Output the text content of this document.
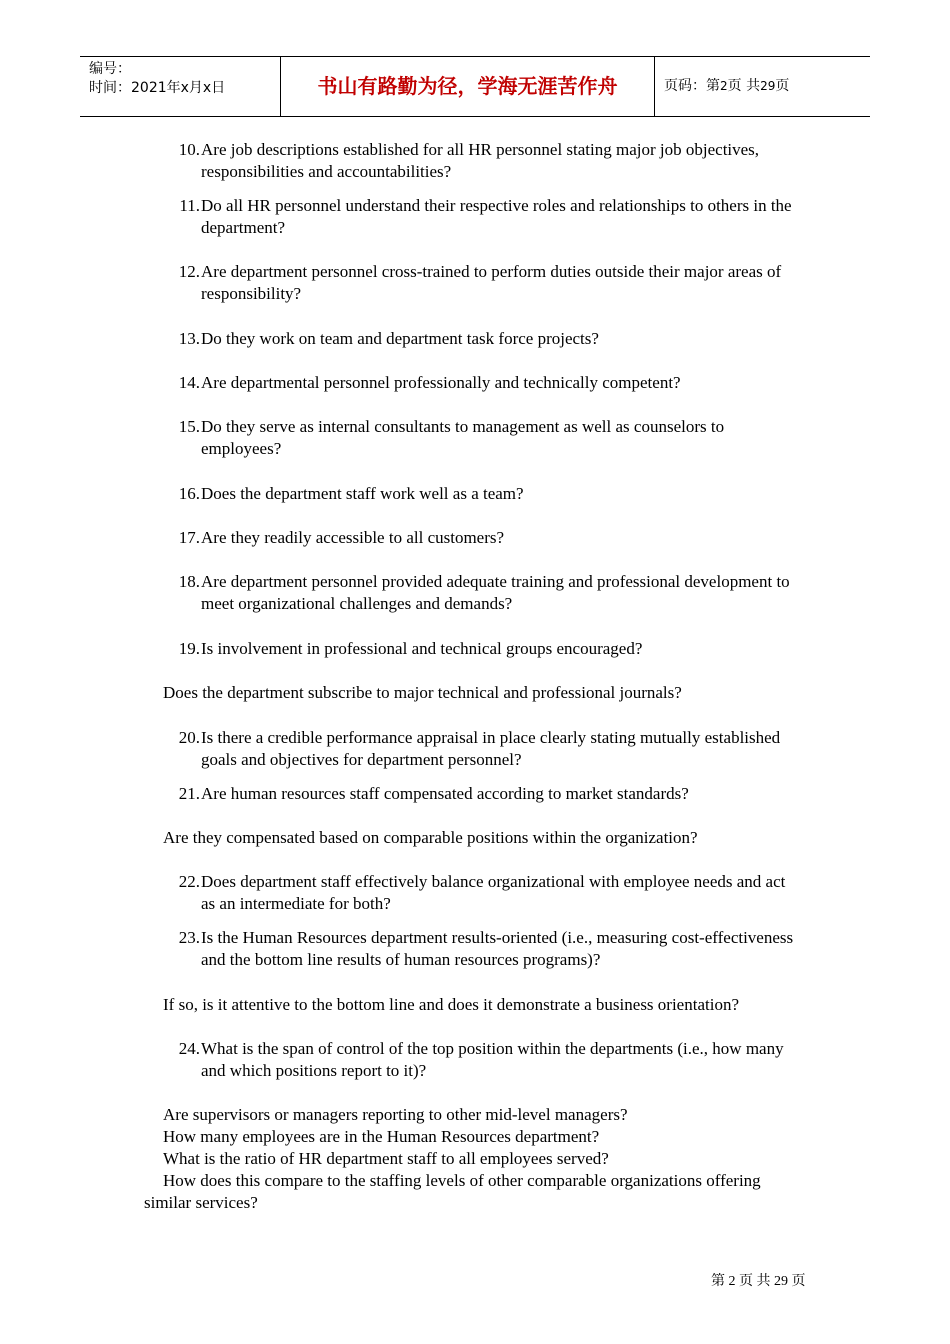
编号：
时间：2021年x月x日	书山有路勤为径，学海无涯苦作舟	页码：第2页 共29页
10. Are job descriptions established for all HR personnel stating major job objectives, responsibilities and accountabilities?
11. Do all HR personnel understand their respective roles and relationships to others in the department?
12. Are department personnel cross-trained to perform duties outside their major areas of responsibility?
13. Do they work on team and department task force projects?
14. Are departmental personnel professionally and technically competent?
15. Do they serve as internal consultants to management as well as counselors to employees?
16. Does the department staff work well as a team?
17. Are they readily accessible to all customers?
18. Are department personnel provided adequate training and professional development to meet organizational challenges and demands?
19. Is involvement in professional and technical groups encouraged?
Does the department subscribe to major technical and professional journals?
20. Is there a credible performance appraisal in place clearly stating mutually established goals and objectives for department personnel?
21. Are human resources staff compensated according to market standards?
Are they compensated based on comparable positions within the organization?
22. Does department staff effectively balance organizational with employee needs and act as an intermediate for both?
23. Is the Human Resources department results-oriented (i.e., measuring cost-effectiveness and the bottom line results of human resources programs)?
If so, is it attentive to the bottom line and does it demonstrate a business orientation?
24. What is the span of control of the top position within the departments (i.e., how many and which positions report to it)?
Are supervisors or managers reporting to other mid-level managers?
How many employees are in the Human Resources department?
What is the ratio of HR department staff to all employees served?
How does this compare to the staffing levels of other comparable organizations offering similar services?
第 2 页 共 29 页
